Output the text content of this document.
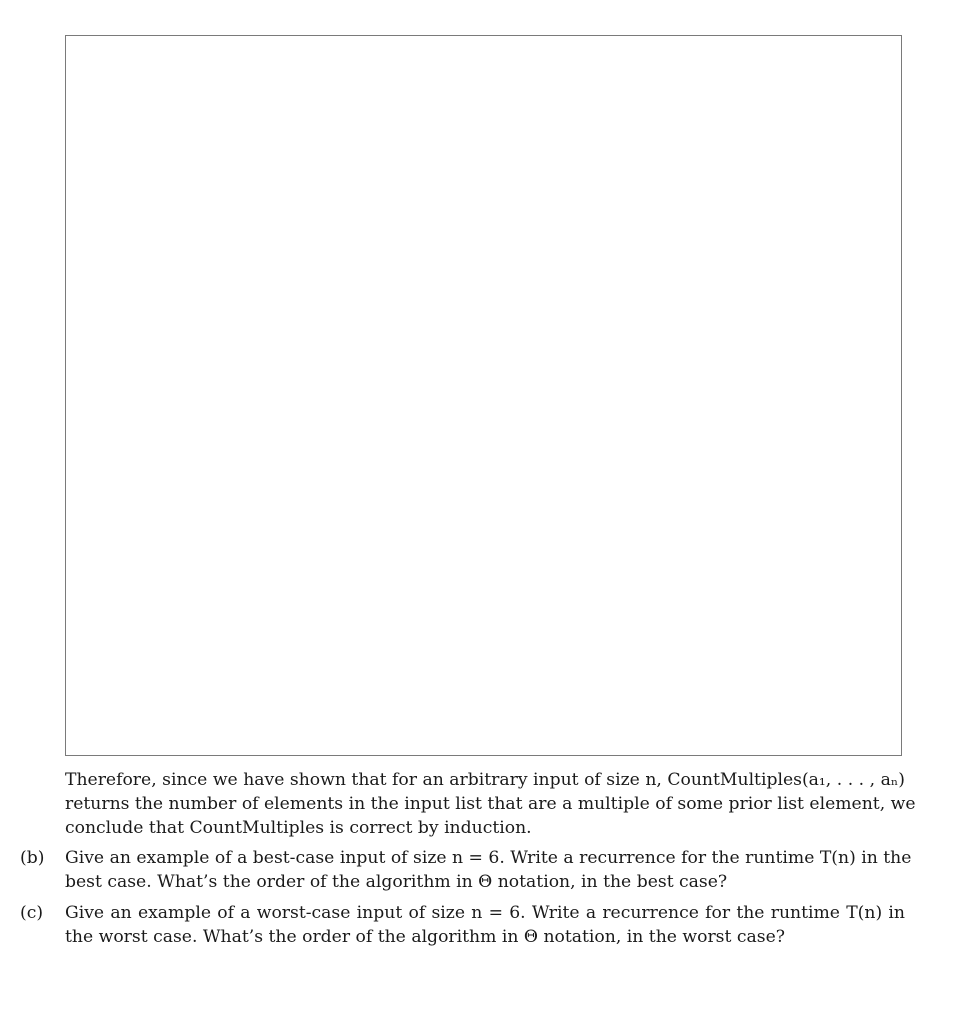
Therefore, since we have shown that for an arbitrary input of size n, CountMultiples(a₁, . . . , aₙ)
returns the number of elements in the input list that are a multiple of some prior list element, we
conclude that CountMultiples is correct by induction.
(b)	Give an example of a best-case input of size n = 6. Write a recurrence for the runtime T(n) in the
best case. What’s the order of the algorithm in Θ notation, in the best case?
(c)	Give an example of a worst-case input of size n = 6. Write a recurrence for the runtime T(n) in
the worst case. What’s the order of the algorithm in Θ notation, in the worst case?
